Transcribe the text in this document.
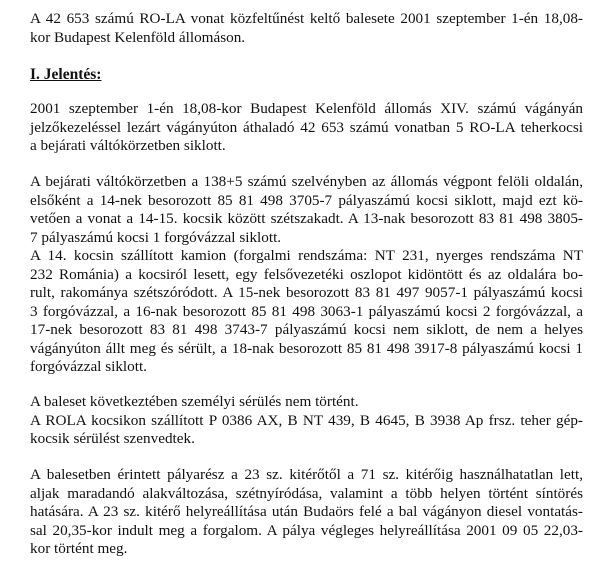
A 42 653 számú RO-LA vonat közfeltűnést keltő balesete 2001 szeptember 1-én 18,08-
kor Budapest Kelenföld állomáson.
I. Jelentés:
2001 szeptember 1-én 18,08-kor Budapest Kelenföld állomás XIV. számú vágányán
jelzőkezeléssel lezárt vágányúton áthaladó 42 653 számú vonatban 5 RO-LA teherkocsi
a bejárati váltókörzetben siklott.
A bejárati váltókörzetben a 138+5 számú szelvényben az állomás végpont felöli oldalán,
elsőként a 14-nek besorozott 85 81 498 3705-7 pályaszámú kocsi siklott, majd ezt kö-
vetően a vonat a 14-15. kocsik között szétszakadt. A 13-nak besorozott 83 81 498 3805-
7 pályaszámú kocsi 1 forgóvázzal siklott.
A 14. kocsin szállított kamion (forgalmi rendszáma: NT 231, nyerges rendszáma NT
232 Románia) a kocsiról lesett, egy felsővezetéki oszlopot kidöntött és az oldalára bo-
rult, rakománya szétszóródott. A 15-nek besorozott 83 81 497 9057-1 pályaszámú kocsi
3 forgóvázzal, a 16-nak besorozott 85 81 498 3063-1 pályaszámú kocsi 2 forgóvázzal, a
17-nek besorozott 83 81 498 3743-7 pályaszámú kocsi nem siklott, de nem a helyes
vágányúton állt meg és sérült, a 18-nak besorozott 85 81 498 3917-8 pályaszámú kocsi 1
forgóvázzal siklott.
A baleset következtében személyi sérülés nem történt.
A ROLA kocsikon szállított P 0386 AX, B NT 439, B 4645, B 3938 Ap frsz. teher gép-
kocsik sérülést szenvedtek.
A balesetben érintett pályarész a 23 sz. kitérőtől a 71 sz. kitérőig használhatatlan lett,
aljak maradandó alakváltozása, szétnyíródása, valamint a több helyen történt síntörés
hatására. A 23 sz. kitérő helyreállítása után Budaörs felé a bal vágányon diesel vontatás-
sal 20,35-kor indult meg a forgalom. A pálya végleges helyreállítása 2001 09 05 22,03-
kor történt meg.
